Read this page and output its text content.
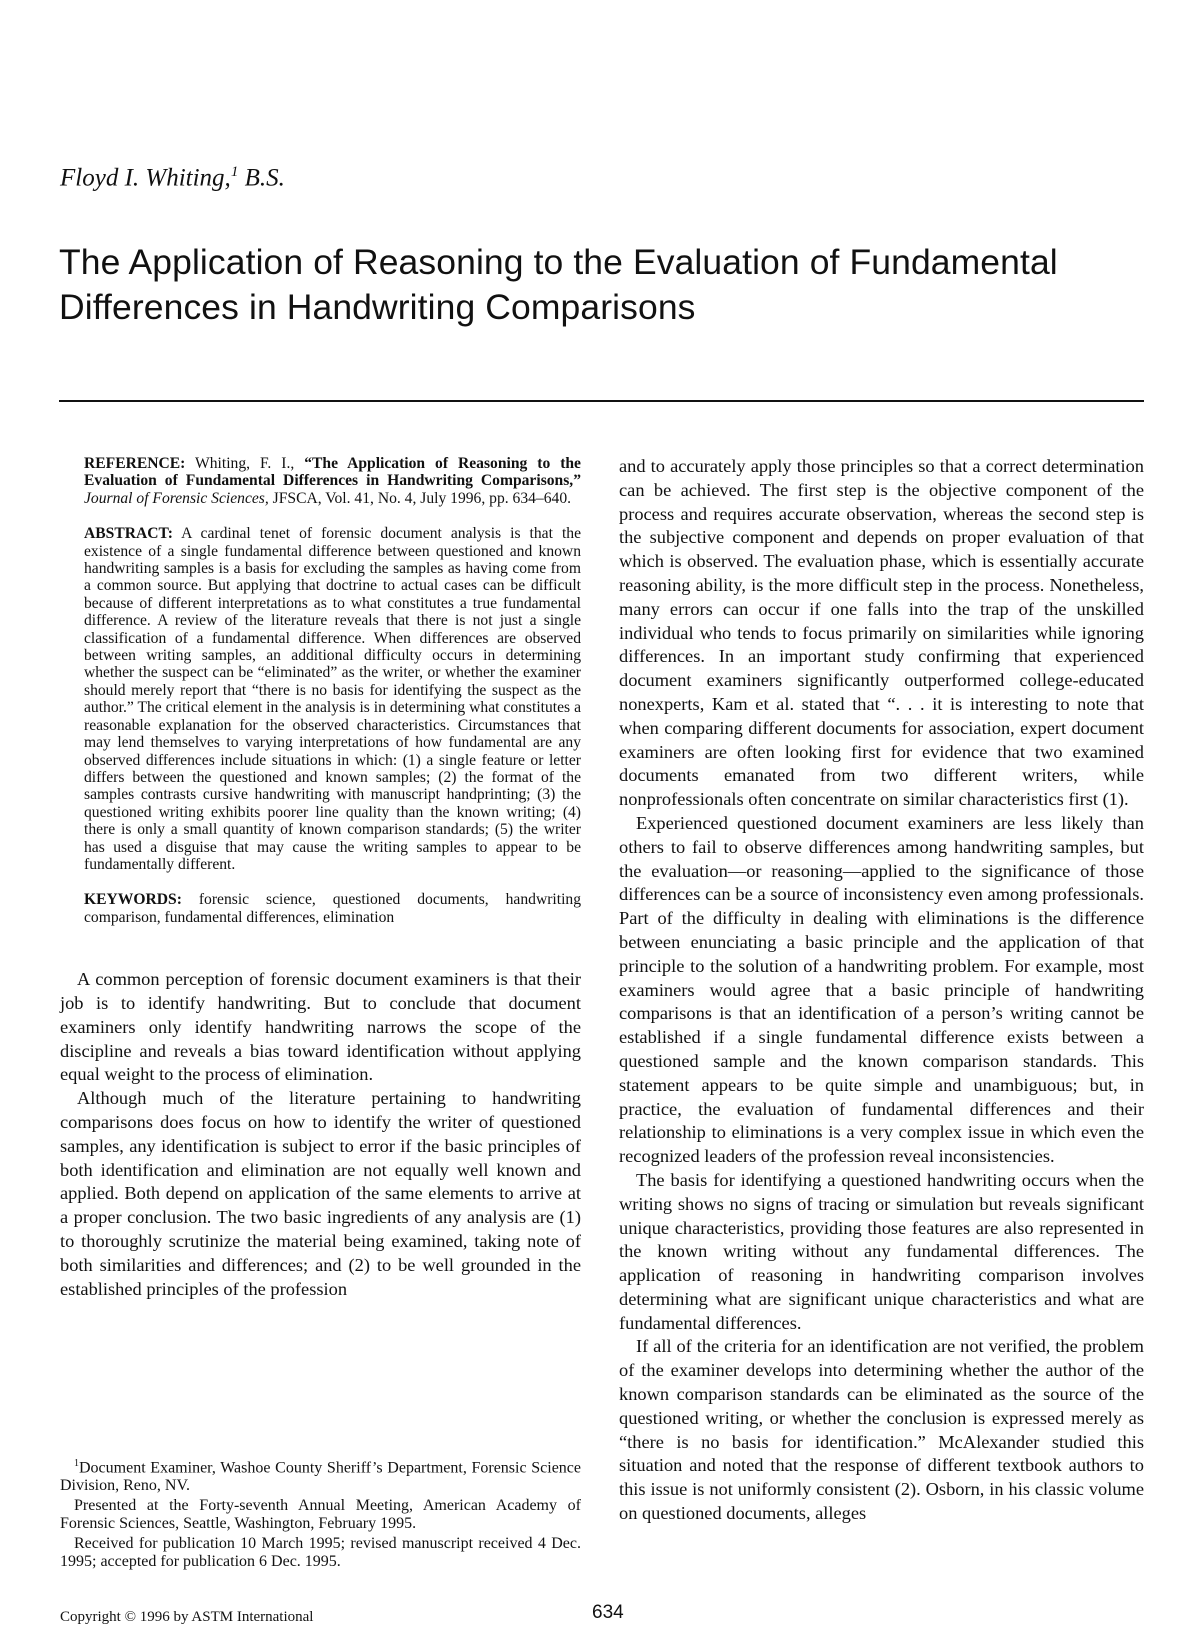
Floyd I. Whiting,$^1$ B.S.
The Application of Reasoning to the Evaluation of Fundamental Differences in Handwriting Comparisons

REFERENCE: Whiting, F. I., “The Application of Reasoning to the Evaluation of Fundamental Differences in Handwriting Comparisons,” Journal of Forensic Sciences, JFSCA, Vol. 41, No. 4, July 1996, pp. 634–640.

ABSTRACT: A cardinal tenet of forensic document analysis is that the existence of a single fundamental difference between questioned and known handwriting samples is a basis for excluding the samples as having come from a common source. But applying that doctrine to actual cases can be difficult because of different interpretations as to what constitutes a true fundamental difference. A review of the literature reveals that there is not just a single classification of a fundamental difference. When differences are observed between writing samples, an additional difficulty occurs in determining whether the suspect can be “eliminated” as the writer, or whether the examiner should merely report that “there is no basis for identifying the suspect as the author.” The critical element in the analysis is in determining what constitutes a reasonable explanation for the observed characteristics. Circumstances that may lend themselves to varying interpretations of how fundamental are any observed differences include situations in which: (1) a single feature or letter differs between the questioned and known samples; (2) the format of the samples contrasts cursive handwriting with manuscript handprinting; (3) the questioned writing exhibits poorer line quality than the known writing; (4) there is only a small quantity of known comparison standards; (5) the writer has used a disguise that may cause the writing samples to appear to be fundamentally different.

KEYWORDS: forensic science, questioned documents, handwriting comparison, fundamental differences, elimination

A common perception of forensic document examiners is that their job is to identify handwriting. But to conclude that document examiners only identify handwriting narrows the scope of the discipline and reveals a bias toward identification without applying equal weight to the process of elimination.

Although much of the literature pertaining to handwriting comparisons does focus on how to identify the writer of questioned samples, any identification is subject to error if the basic principles of both identification and elimination are not equally well known and applied. Both depend on application of the same elements to arrive at a proper conclusion. The two basic ingredients of any analysis are (1) to thoroughly scrutinize the material being examined, taking note of both similarities and differences; and (2) to be well grounded in the established principles of the profession

$^1$Document Examiner, Washoe County Sheriff’s Department, Forensic Science Division, Reno, NV.

Presented at the Forty-seventh Annual Meeting, American Academy of Forensic Sciences, Seattle, Washington, February 1995.

Received for publication 10 March 1995; revised manuscript received 4 Dec. 1995; accepted for publication 6 Dec. 1995.

and to accurately apply those principles so that a correct determination can be achieved. The first step is the objective component of the process and requires accurate observation, whereas the second step is the subjective component and depends on proper evaluation of that which is observed. The evaluation phase, which is essentially accurate reasoning ability, is the more difficult step in the process. Nonetheless, many errors can occur if one falls into the trap of the unskilled individual who tends to focus primarily on similarities while ignoring differences. In an important study confirming that experienced document examiners significantly outperformed college-educated nonexperts, Kam et al. stated that “. . . it is interesting to note that when comparing different documents for association, expert document examiners are often looking first for evidence that two examined documents emanated from two different writers, while nonprofessionals often concentrate on similar characteristics first (1).

Experienced questioned document examiners are less likely than others to fail to observe differences among handwriting samples, but the evaluation—or reasoning—applied to the significance of those differences can be a source of inconsistency even among professionals. Part of the difficulty in dealing with eliminations is the difference between enunciating a basic principle and the application of that principle to the solution of a handwriting problem. For example, most examiners would agree that a basic principle of handwriting comparisons is that an identification of a person’s writing cannot be established if a single fundamental difference exists between a questioned sample and the known comparison standards. This statement appears to be quite simple and unambiguous; but, in practice, the evaluation of fundamental differences and their relationship to eliminations is a very complex issue in which even the recognized leaders of the profession reveal inconsistencies.

The basis for identifying a questioned handwriting occurs when the writing shows no signs of tracing or simulation but reveals significant unique characteristics, providing those features are also represented in the known writing without any fundamental differences. The application of reasoning in handwriting comparison involves determining what are significant unique characteristics and what are fundamental differences.

If all of the criteria for an identification are not verified, the problem of the examiner develops into determining whether the author of the known comparison standards can be eliminated as the source of the questioned writing, or whether the conclusion is expressed merely as “there is no basis for identification.” McAlexander studied this situation and noted that the response of different textbook authors to this issue is not uniformly consistent (2). Osborn, in his classic volume on questioned documents, alleges

Copyright © 1996 by ASTM International	634
